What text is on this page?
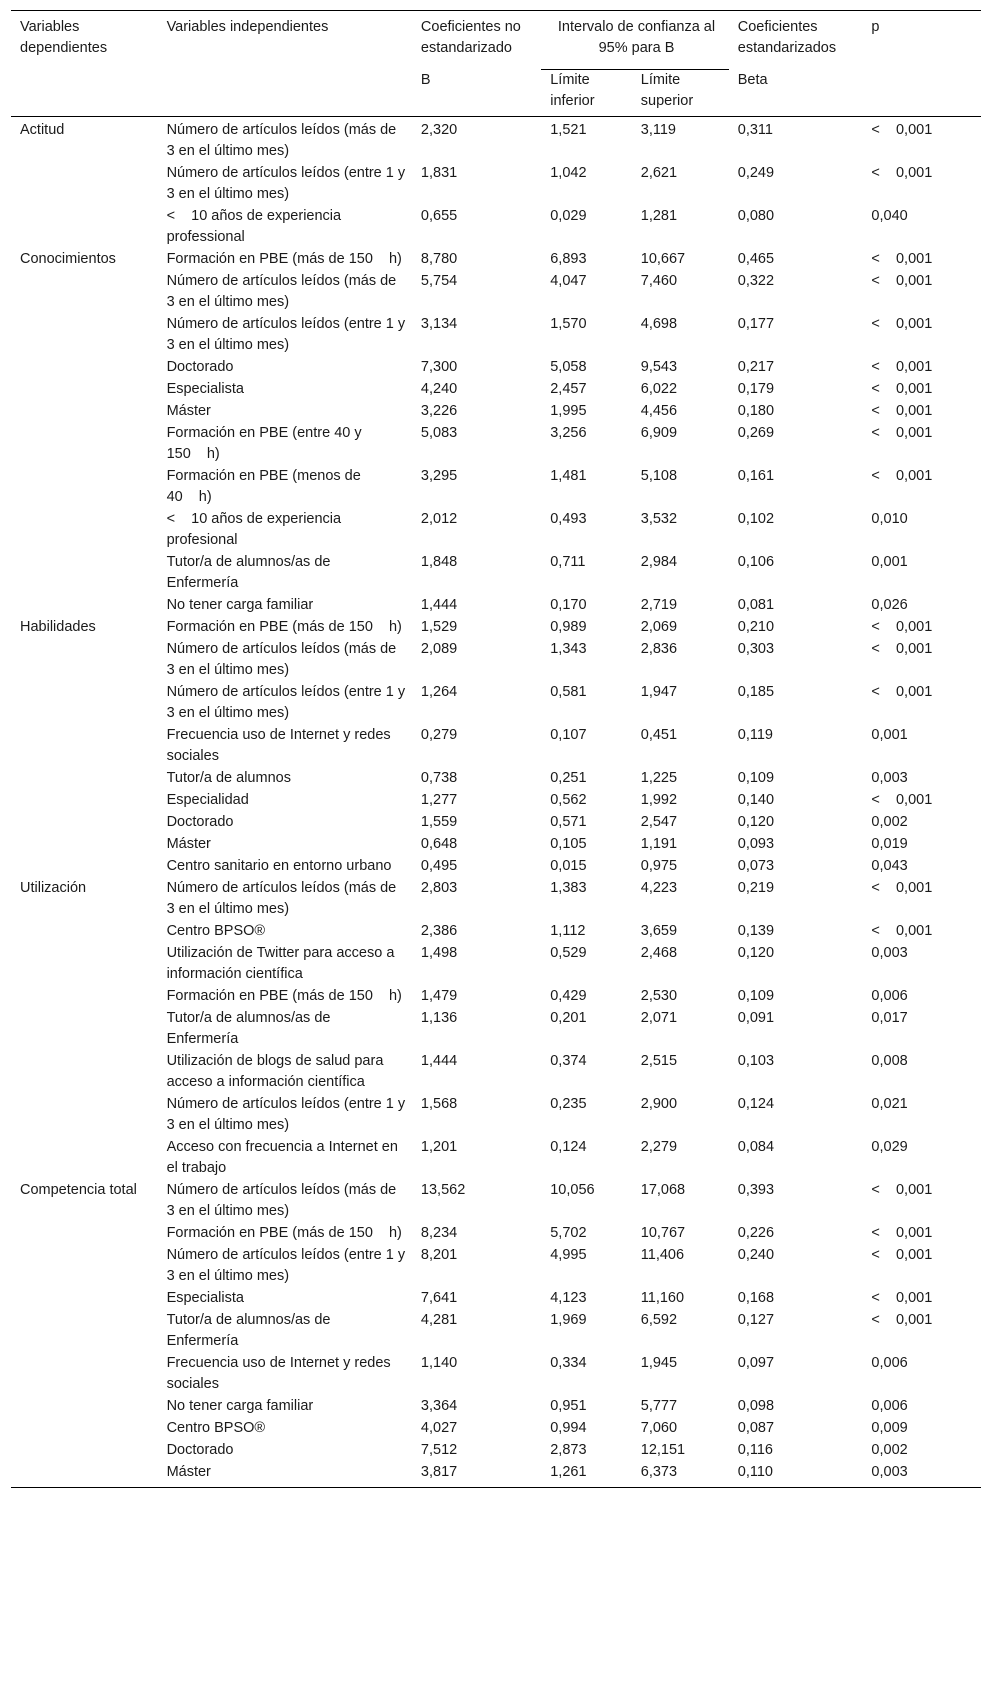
Variables dependientes	Variables independientes	Coeficientes no estandarizado	Intervalo de confianza al 95% para B		Coeficientes estandarizados	p
		B	Límite inferior	Límite superior	Beta	
Actitud	Número de artículos leídos (más de 3 en el último mes)	2,320	1,521	3,119	0,311	<    0,001
	Número de artículos leídos (entre 1 y 3 en el último mes)	1,831	1,042	2,621	0,249	<    0,001
	<    10 años de experiencia professional	0,655	0,029	1,281	0,080	0,040
Conocimientos	Formación en PBE (más de 150    h)	8,780	6,893	10,667	0,465	<    0,001
	Número de artículos leídos (más de 3 en el último mes)	5,754	4,047	7,460	0,322	<    0,001
	Número de artículos leídos (entre 1 y 3 en el último mes)	3,134	1,570	4,698	0,177	<    0,001
	Doctorado	7,300	5,058	9,543	0,217	<    0,001
	Especialista	4,240	2,457	6,022	0,179	<    0,001
	Máster	3,226	1,995	4,456	0,180	<    0,001
	Formación en PBE (entre 40 y 150    h)	5,083	3,256	6,909	0,269	<    0,001
	Formación en PBE (menos de 40    h)	3,295	1,481	5,108	0,161	<    0,001
	<    10 años de experiencia profesional	2,012	0,493	3,532	0,102	0,010
	Tutor/a de alumnos/as de Enfermería	1,848	0,711	2,984	0,106	0,001
	No tener carga familiar	1,444	0,170	2,719	0,081	0,026
Habilidades	Formación en PBE (más de 150    h)	1,529	0,989	2,069	0,210	<    0,001
	Número de artículos leídos (más de 3 en el último mes)	2,089	1,343	2,836	0,303	<    0,001
	Número de artículos leídos (entre 1 y 3 en el último mes)	1,264	0,581	1,947	0,185	<    0,001
	Frecuencia uso de Internet y redes sociales	0,279	0,107	0,451	0,119	0,001
	Tutor/a de alumnos	0,738	0,251	1,225	0,109	0,003
	Especialidad	1,277	0,562	1,992	0,140	<    0,001
	Doctorado	1,559	0,571	2,547	0,120	0,002
	Máster	0,648	0,105	1,191	0,093	0,019
	Centro sanitario en entorno urbano	0,495	0,015	0,975	0,073	0,043
Utilización	Número de artículos leídos (más de 3 en el último mes)	2,803	1,383	4,223	0,219	<    0,001
	Centro BPSO®	2,386	1,112	3,659	0,139	<    0,001
	Utilización de Twitter para acceso a información científica	1,498	0,529	2,468	0,120	0,003
	Formación en PBE (más de 150    h)	1,479	0,429	2,530	0,109	0,006
	Tutor/a de alumnos/as de Enfermería	1,136	0,201	2,071	0,091	0,017
	Utilización de blogs de salud para acceso a información científica	1,444	0,374	2,515	0,103	0,008
	Número de artículos leídos (entre 1 y 3 en el último mes)	1,568	0,235	2,900	0,124	0,021
	Acceso con frecuencia a Internet en el trabajo	1,201	0,124	2,279	0,084	0,029
Competencia total	Número de artículos leídos (más de 3 en el último mes)	13,562	10,056	17,068	0,393	<    0,001
	Formación en PBE (más de 150    h)	8,234	5,702	10,767	0,226	<    0,001
	Número de artículos leídos (entre 1 y 3 en el último mes)	8,201	4,995	11,406	0,240	<    0,001
	Especialista	7,641	4,123	11,160	0,168	<    0,001
	Tutor/a de alumnos/as de Enfermería	4,281	1,969	6,592	0,127	<    0,001
	Frecuencia uso de Internet y redes sociales	1,140	0,334	1,945	0,097	0,006
	No tener carga familiar	3,364	0,951	5,777	0,098	0,006
	Centro BPSO®	4,027	0,994	7,060	0,087	0,009
	Doctorado	7,512	2,873	12,151	0,116	0,002
	Máster	3,817	1,261	6,373	0,110	0,003
